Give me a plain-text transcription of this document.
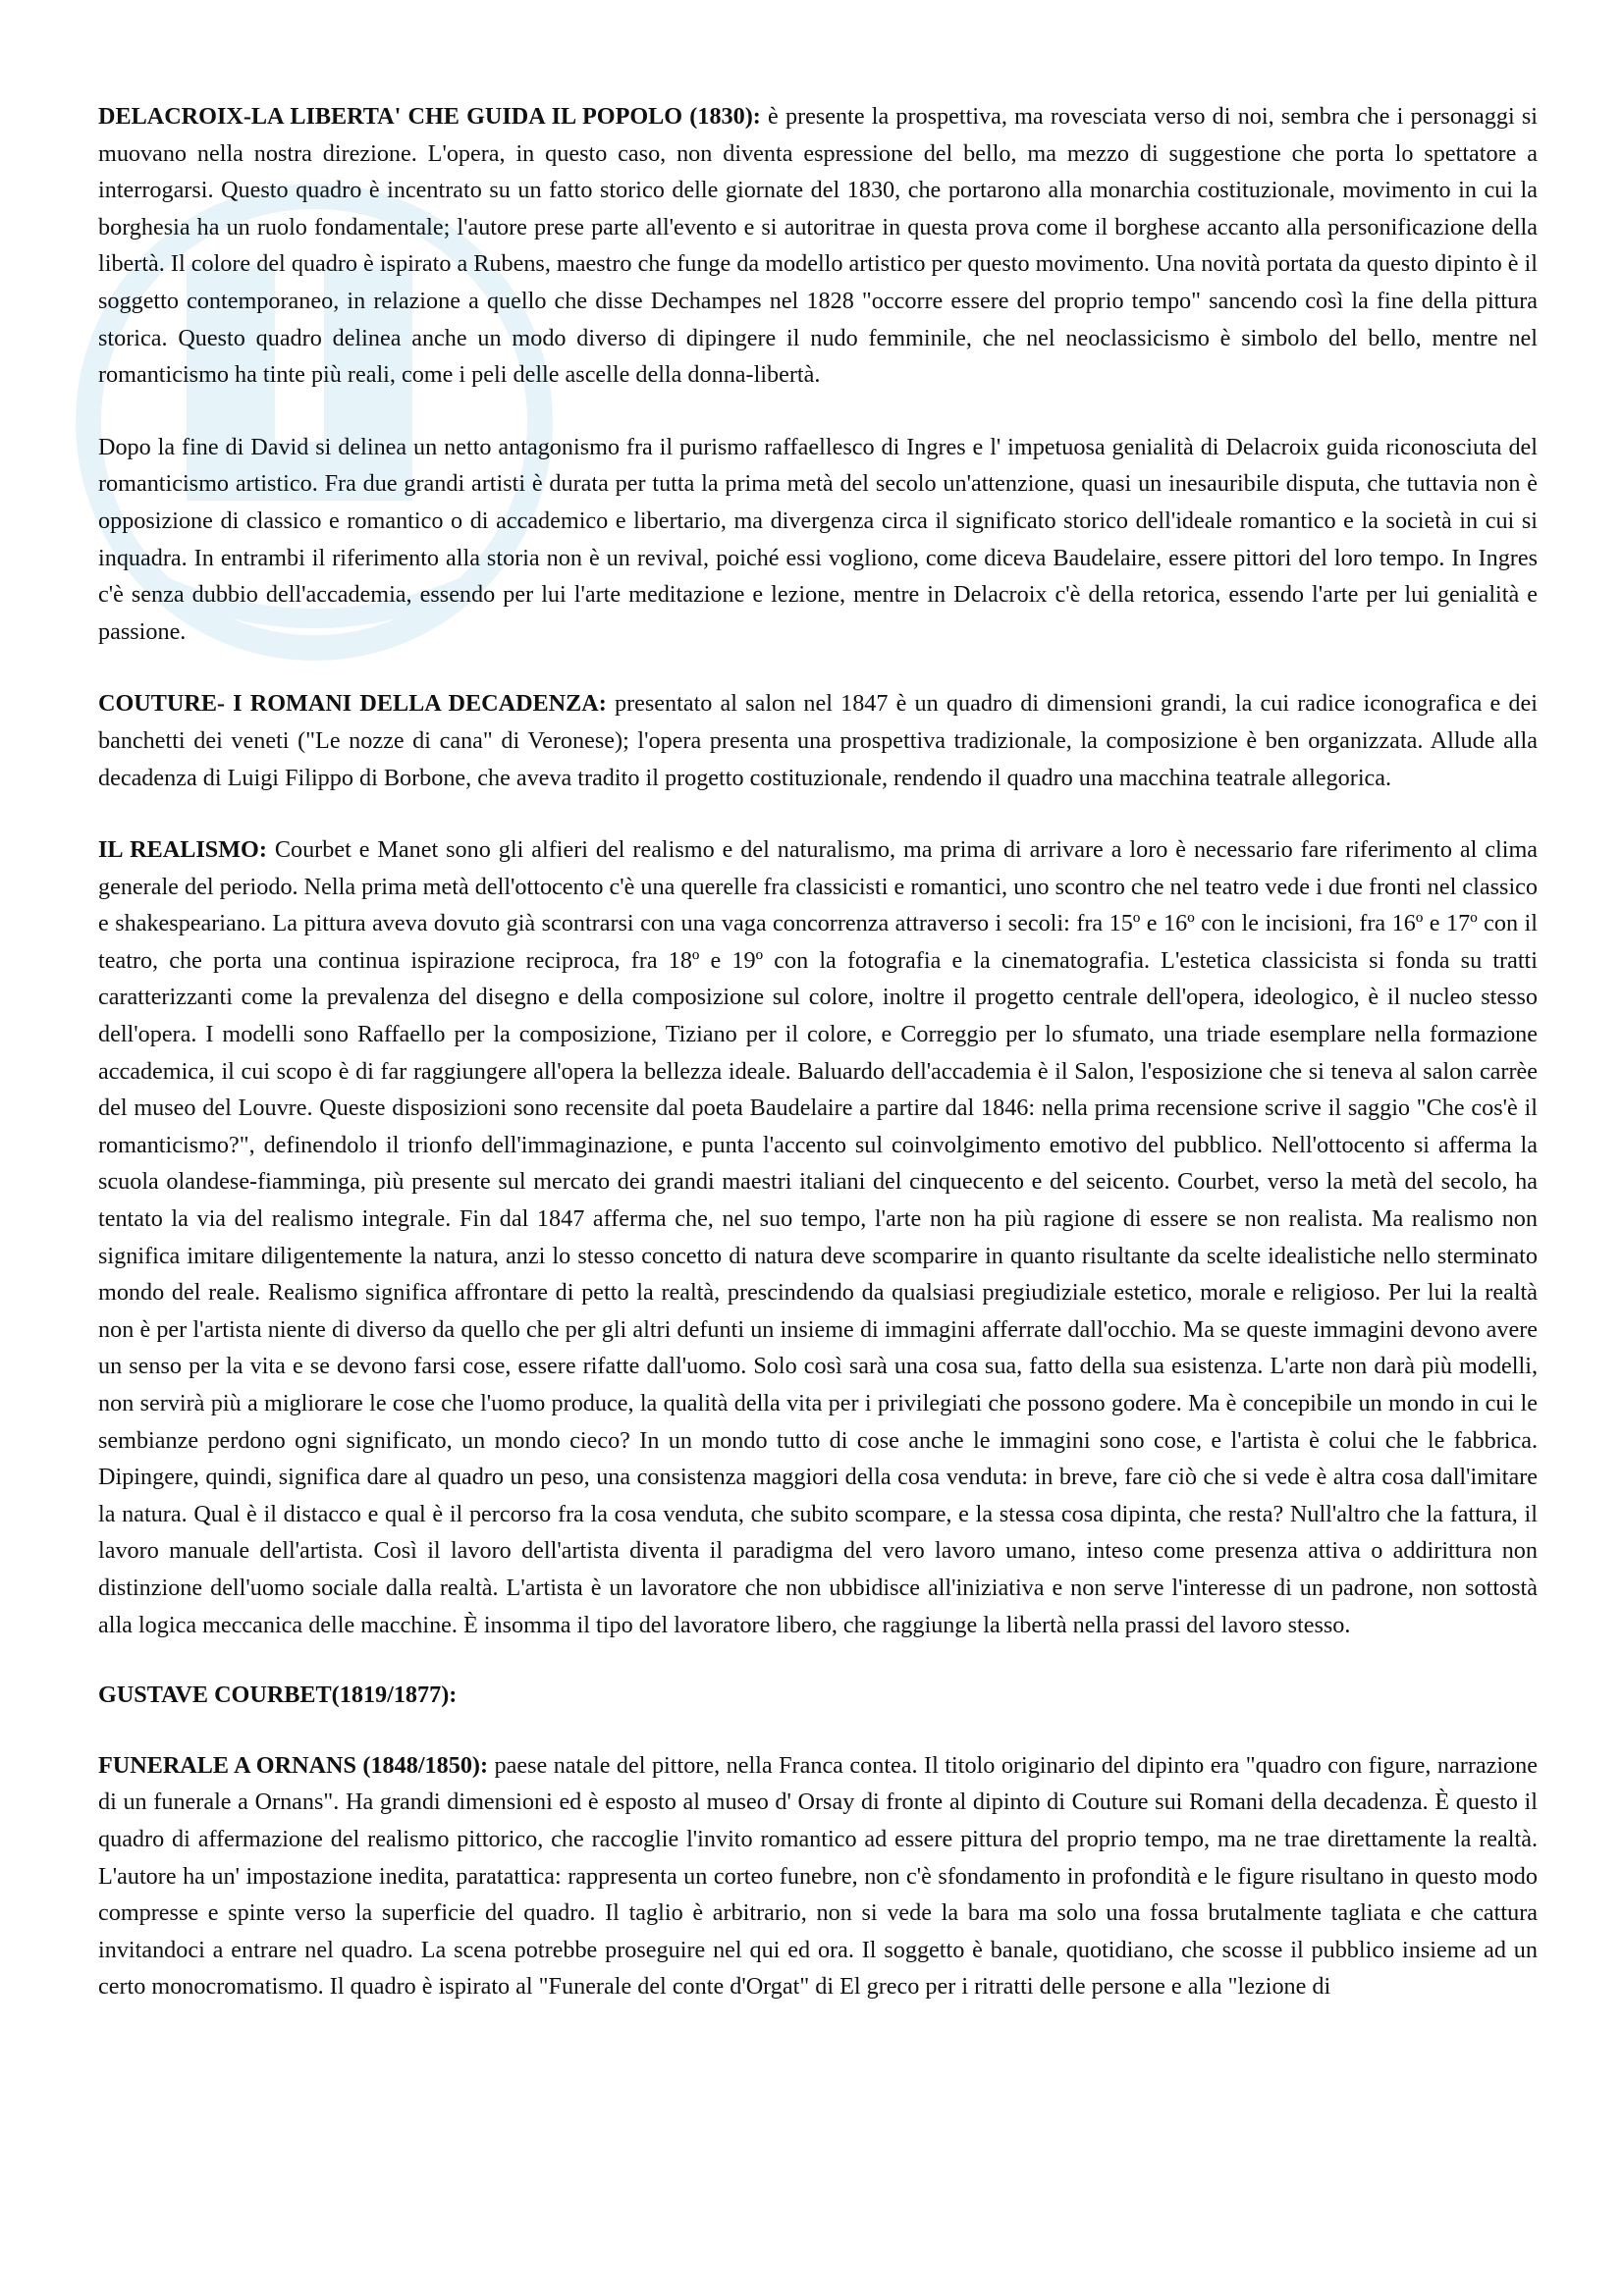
DELACROIX-LA LIBERTA' CHE GUIDA IL POPOLO (1830): è presente la prospettiva, ma rovesciata verso di noi, sembra che i personaggi si muovano nella nostra direzione. L'opera, in questo caso, non diventa espressione del bello, ma mezzo di suggestione che porta lo spettatore a interrogarsi. Questo quadro è incentrato su un fatto storico delle giornate del 1830, che portarono alla monarchia costituzionale, movimento in cui la borghesia ha un ruolo fondamentale; l'autore prese parte all'evento e si autoritrae in questa prova come il borghese accanto alla personificazione della libertà. Il colore del quadro è ispirato a Rubens, maestro che funge da modello artistico per questo movimento. Una novità portata da questo dipinto è il soggetto contemporaneo, in relazione a quello che disse Dechampes nel 1828 "occorre essere del proprio tempo" sancendo così la fine della pittura storica. Questo quadro delinea anche un modo diverso di dipingere il nudo femminile, che nel neoclassicismo è simbolo del bello, mentre nel romanticismo ha tinte più reali, come i peli delle ascelle della donna-libertà.

Dopo la fine di David si delinea un netto antagonismo fra il purismo raffaellesco di Ingres e l' impetuosa genialità di Delacroix guida riconosciuta del romanticismo artistico. Fra due grandi artisti è durata per tutta la prima metà del secolo un'attenzione, quasi un inesauribile disputa, che tuttavia non è opposizione di classico e romantico o di accademico e libertario, ma divergenza circa il significato storico dell'ideale romantico e la società in cui si inquadra. In entrambi il riferimento alla storia non è un revival, poiché essi vogliono, come diceva Baudelaire, essere pittori del loro tempo. In Ingres c'è senza dubbio dell'accademia, essendo per lui l'arte meditazione e lezione, mentre in Delacroix c'è della retorica, essendo l'arte per lui genialità e passione.

COUTURE- I ROMANI DELLA DECADENZA: presentato al salon nel 1847 è un quadro di dimensioni grandi, la cui radice iconografica e dei banchetti dei veneti ("Le nozze di cana" di Veronese); l'opera presenta una prospettiva tradizionale, la composizione è ben organizzata. Allude alla decadenza di Luigi Filippo di Borbone, che aveva tradito il progetto costituzionale, rendendo il quadro una macchina teatrale allegorica.

IL REALISMO: Courbet e Manet sono gli alfieri del realismo e del naturalismo, ma prima di arrivare a loro è necessario fare riferimento al clima generale del periodo. Nella prima metà dell'ottocento c'è una querelle fra classicisti e romantici, uno scontro che nel teatro vede i due fronti nel classico e shakespeariano. La pittura aveva dovuto già scontrarsi con una vaga concorrenza attraverso i secoli: fra 15º e 16º con le incisioni, fra 16º e 17º con il teatro, che porta una continua ispirazione reciproca, fra 18º e 19º con la fotografia e la cinematografia. L'estetica classicista si fonda su tratti caratterizzanti come la prevalenza del disegno e della composizione sul colore, inoltre il progetto centrale dell'opera, ideologico, è il nucleo stesso dell'opera. I modelli sono Raffaello per la composizione, Tiziano per il colore, e Correggio per lo sfumato, una triade esemplare nella formazione accademica, il cui scopo è di far raggiungere all'opera la bellezza ideale. Baluardo dell'accademia è il Salon, l'esposizione che si teneva al salon carrèe del museo del Louvre. Queste disposizioni sono recensite dal poeta Baudelaire a partire dal 1846: nella prima recensione scrive il saggio "Che cos'è il romanticismo?", definendolo il trionfo dell'immaginazione, e punta l'accento sul coinvolgimento emotivo del pubblico. Nell'ottocento si afferma la scuola olandese-fiamminga, più presente sul mercato dei grandi maestri italiani del cinquecento e del seicento. Courbet, verso la metà del secolo, ha tentato la via del realismo integrale. Fin dal 1847 afferma che, nel suo tempo, l'arte non ha più ragione di essere se non realista. Ma realismo non significa imitare diligentemente la natura, anzi lo stesso concetto di natura deve scomparire in quanto risultante da scelte idealistiche nello sterminato mondo del reale. Realismo significa affrontare di petto la realtà, prescindendo da qualsiasi pregiudiziale estetico, morale e religioso. Per lui la realtà non è per l'artista niente di diverso da quello che per gli altri defunti un insieme di immagini afferrate dall'occhio. Ma se queste immagini devono avere un senso per la vita e se devono farsi cose, essere rifatte dall'uomo. Solo così sarà una cosa sua, fatto della sua esistenza. L'arte non darà più modelli, non servirà più a migliorare le cose che l'uomo produce, la qualità della vita per i privilegiati che possono godere. Ma è concepibile un mondo in cui le sembianze perdono ogni significato, un mondo cieco? In un mondo tutto di cose anche le immagini sono cose, e l'artista è colui che le fabbrica. Dipingere, quindi, significa dare al quadro un peso, una consistenza maggiori della cosa venduta: in breve, fare ciò che si vede è altra cosa dall'imitare la natura. Qual è il distacco e qual è il percorso fra la cosa venduta, che subito scompare, e la stessa cosa dipinta, che resta? Null'altro che la fattura, il lavoro manuale dell'artista. Così il lavoro dell'artista diventa il paradigma del vero lavoro umano, inteso come presenza attiva o addirittura non distinzione dell'uomo sociale dalla realtà. L'artista è un lavoratore che non ubbidisce all'iniziativa e non serve l'interesse di un padrone, non sottostà alla logica meccanica delle macchine. È insomma il tipo del lavoratore libero, che raggiunge la libertà nella prassi del lavoro stesso.

GUSTAVE COURBET(1819/1877):

FUNERALE A ORNANS (1848/1850): paese natale del pittore, nella Franca contea. Il titolo originario del dipinto era "quadro con figure, narrazione di un funerale a Ornans". Ha grandi dimensioni ed è esposto al museo d' Orsay di fronte al dipinto di Couture sui Romani della decadenza. È questo il quadro di affermazione del realismo pittorico, che raccoglie l'invito romantico ad essere pittura del proprio tempo, ma ne trae direttamente la realtà. L'autore ha un' impostazione inedita, paratattica: rappresenta un corteo funebre, non c'è sfondamento in profondità e le figure risultano in questo modo compresse e spinte verso la superficie del quadro. Il taglio è arbitrario, non si vede la bara ma solo una fossa brutalmente tagliata e che cattura invitandoci a entrare nel quadro. La scena potrebbe proseguire nel qui ed ora. Il soggetto è banale, quotidiano, che scosse il pubblico insieme ad un certo monocromatismo. Il quadro è ispirato al "Funerale del conte d'Orgat" di El greco per i ritratti delle persone e alla "lezione di
